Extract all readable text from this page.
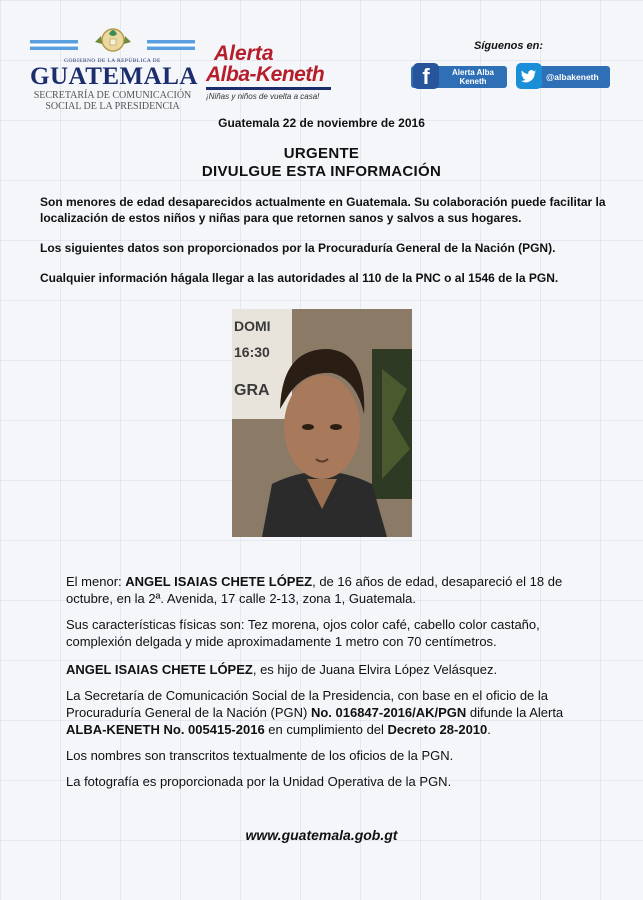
GOBIERNO DE LA REPÚBLICA DE
GUATEMALA
SECRETARÍA DE COMUNICACIÓN
SOCIAL DE LA PRESIDENCIA
Alerta
Alba-Keneth
¡Niñas y niños de vuelta a casa!
Síguenos en:
f	Alerta Alba Keneth	@albakeneth
Guatemala 22 de noviembre de 2016
URGENTE
DIVULGUE ESTA INFORMACIÓN
Son menores de edad desaparecidos actualmente en Guatemala. Su colaboración puede facilitar la localización de estos niños y niñas para que retornen sanos y salvos a sus hogares.
Los siguientes datos son proporcionados por la Procuraduría General de la Nación (PGN).
Cualquier información hágala llegar a las autoridades al 110 de la PNC o al 1546 de la PGN.
DOMI
16:30
GRA
El menor: ANGEL ISAIAS CHETE LÓPEZ, de 16 años de edad, desapareció el 18 de octubre, en la 2ª. Avenida, 17 calle 2-13, zona 1, Guatemala.
Sus características físicas son: Tez morena, ojos color café, cabello color castaño, complexión delgada y mide aproximadamente 1 metro con 70 centímetros.
ANGEL ISAIAS CHETE LÓPEZ, es hijo de Juana Elvira López Velásquez.
La Secretaría de Comunicación Social de la Presidencia, con base en el oficio de la Procuraduría General de la Nación (PGN) No. 016847-2016/AK/PGN difunde la Alerta ALBA-KENETH No. 005415-2016 en cumplimiento del Decreto 28-2010.
Los nombres son transcritos textualmente de los oficios de la PGN.
La fotografía es proporcionada por la Unidad Operativa de la PGN.
www.guatemala.gob.gt
